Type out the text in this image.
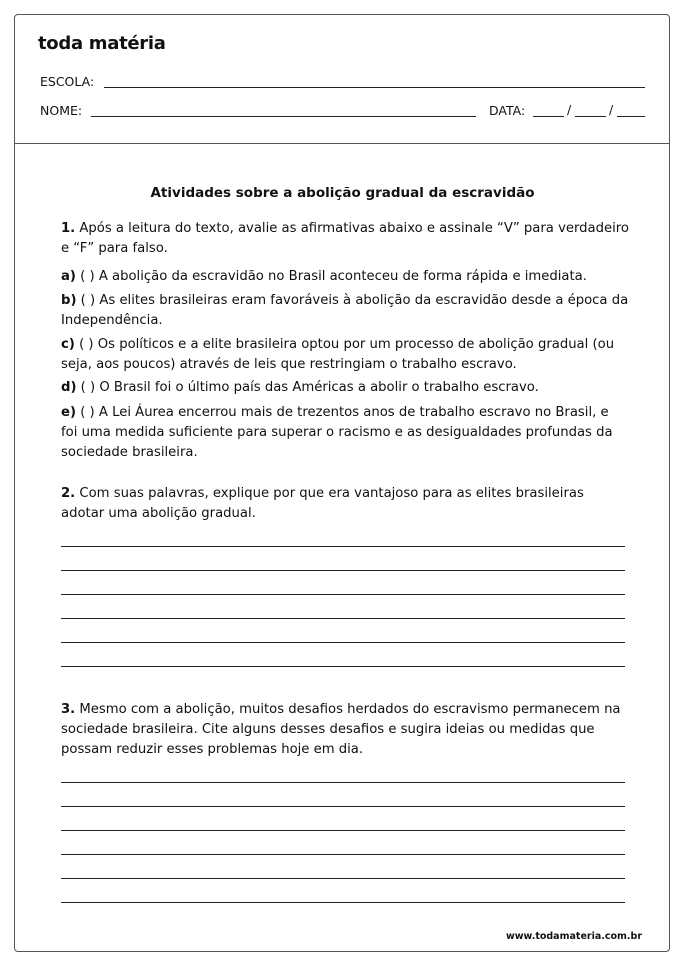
toda matéria
ESCOLA:
NOME:	DATA:	/	/
Atividades sobre a abolição gradual da escravidão

1. Após a leitura do texto, avalie as afirmativas abaixo e assinale “V” para verdadeiro e “F” para falso.

a) ( ) A abolição da escravidão no Brasil aconteceu de forma rápida e imediata.

b) ( ) As elites brasileiras eram favoráveis à abolição da escravidão desde a época da Independência.

c) ( ) Os políticos e a elite brasileira optou por um processo de abolição gradual (ou seja, aos poucos) através de leis que restringiam o trabalho escravo.

d) ( ) O Brasil foi o último país das Américas a abolir o trabalho escravo.

e) ( ) A Lei Áurea encerrou mais de trezentos anos de trabalho escravo no Brasil, e foi uma medida suficiente para superar o racismo e as desigualdades profundas da sociedade brasileira.

2. Com suas palavras, explique por que era vantajoso para as elites brasileiras adotar uma abolição gradual.

3. Mesmo com a abolição, muitos desafios herdados do escravismo permanecem na sociedade brasileira. Cite alguns desses desafios e sugira ideias ou medidas que possam reduzir esses problemas hoje em dia.

www.todamateria.com.br
